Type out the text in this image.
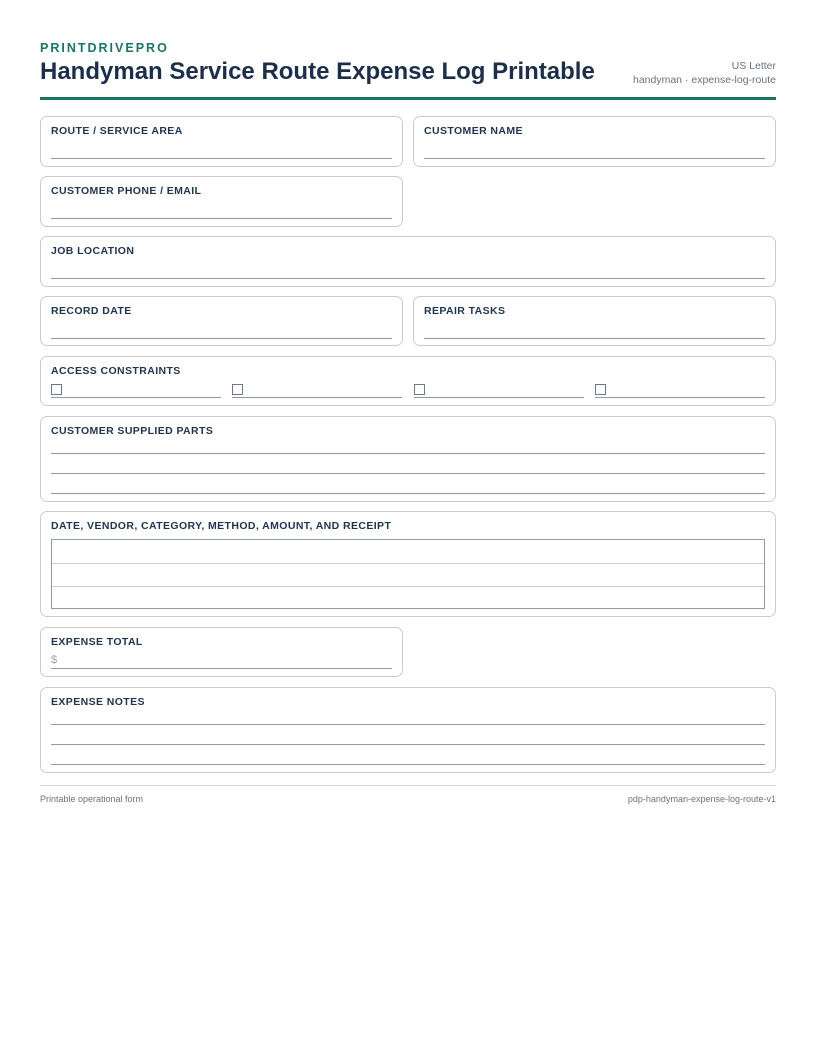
PRINTDRIVEPRO
Handyman Service Route Expense Log Printable	US Letter
handyman · expense-log-route
ROUTE / SERVICE AREA	CUSTOMER NAME
CUSTOMER PHONE / EMAIL
JOB LOCATION
RECORD DATE	REPAIR TASKS
ACCESS CONSTRAINTS
CUSTOMER SUPPLIED PARTS
DATE, VENDOR, CATEGORY, METHOD, AMOUNT, AND RECEIPT
EXPENSE TOTAL
$
EXPENSE NOTES
Printable operational form	pdp-handyman-expense-log-route-v1
